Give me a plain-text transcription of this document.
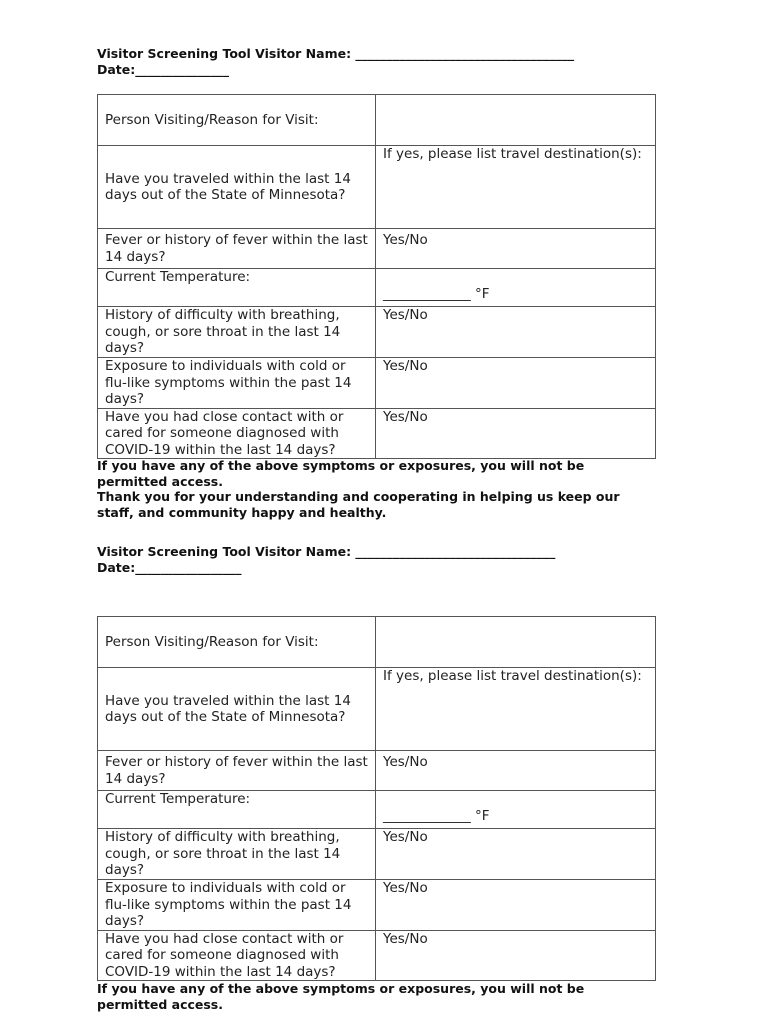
Visitor Screening Tool Visitor Name: ___________________________________
Date:_______________
Person Visiting/Reason for Visit:	
Have you traveled within the last 14 days out of the State of Minnesota?	If yes, please list travel destination(s):
Fever or history of fever within the last 14 days?	Yes/No
Current Temperature:	_____________ °F
History of difficulty with breathing, cough, or sore throat in the last 14 days?	Yes/No
Exposure to individuals with cold or flu-like symptoms within the past 14 days?	Yes/No
Have you had close contact with or cared for someone diagnosed with COVID-19 within the last 14 days?	Yes/No

If you have any of the above symptoms or exposures, you will not be permitted access.

Thank you for your understanding and cooperating in helping us keep our staff, and community happy and healthy.

Visitor Screening Tool Visitor Name: ________________________________
Date:_________________
Person Visiting/Reason for Visit:	
Have you traveled within the last 14 days out of the State of Minnesota?	If yes, please list travel destination(s):
Fever or history of fever within the last 14 days?	Yes/No
Current Temperature:	_____________ °F
History of difficulty with breathing, cough, or sore throat in the last 14 days?	Yes/No
Exposure to individuals with cold or flu-like symptoms within the past 14 days?	Yes/No
Have you had close contact with or cared for someone diagnosed with COVID-19 within the last 14 days?	Yes/No

If you have any of the above symptoms or exposures, you will not be permitted access.
